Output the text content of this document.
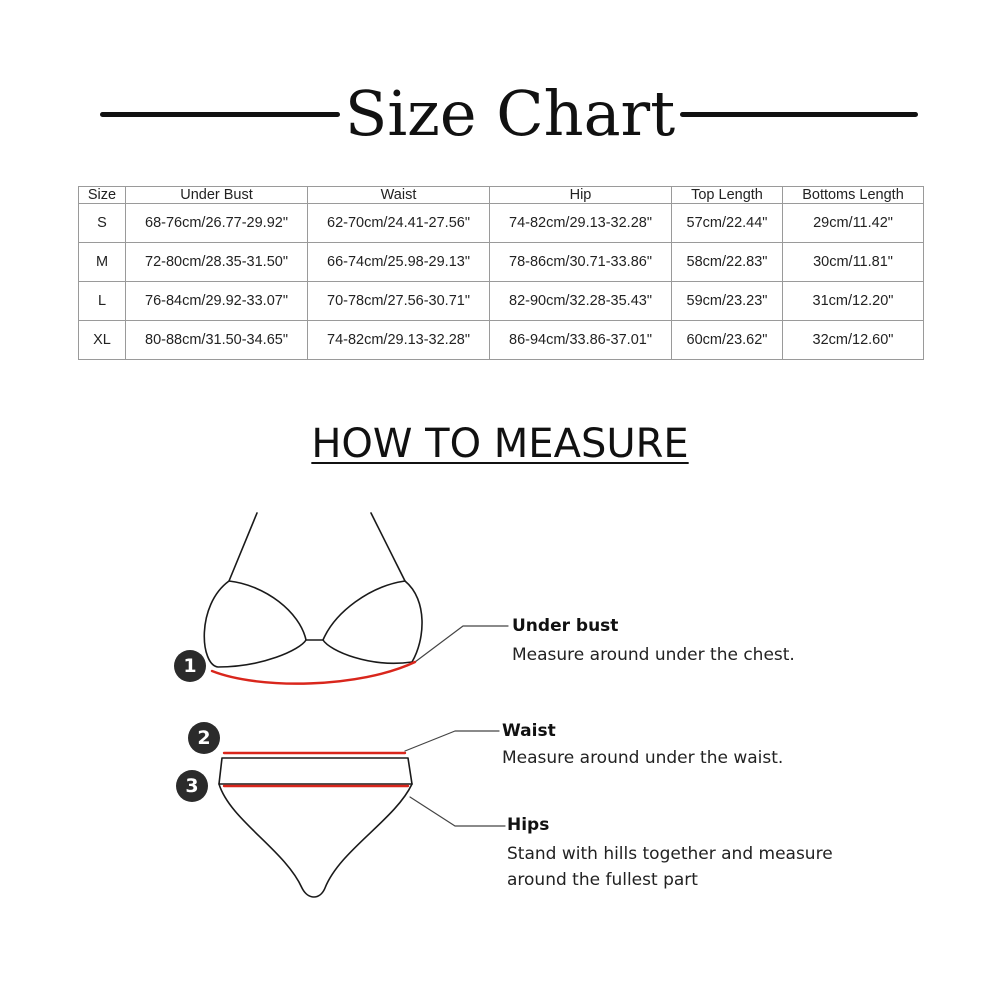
Size Chart
Size	Under Bust	Waist	Hip	Top Length	Bottoms Length
S	68-76cm/26.77-29.92"	62-70cm/24.41-27.56"	74-82cm/29.13-32.28"	57cm/22.44"	29cm/11.42"
M	72-80cm/28.35-31.50"	66-74cm/25.98-29.13"	78-86cm/30.71-33.86"	58cm/22.83"	30cm/11.81"
L	76-84cm/29.92-33.07"	70-78cm/27.56-30.71"	82-90cm/32.28-35.43"	59cm/23.23"	31cm/12.20"
XL	80-88cm/31.50-34.65"	74-82cm/29.13-32.28"	86-94cm/33.86-37.01"	60cm/23.62"	32cm/12.60"
HOW TO MEASURE
1
2
3
Under bust
Measure around under the chest.
Waist
Measure around under the waist.
Hips
Stand with hills together and measure
around the fullest part
